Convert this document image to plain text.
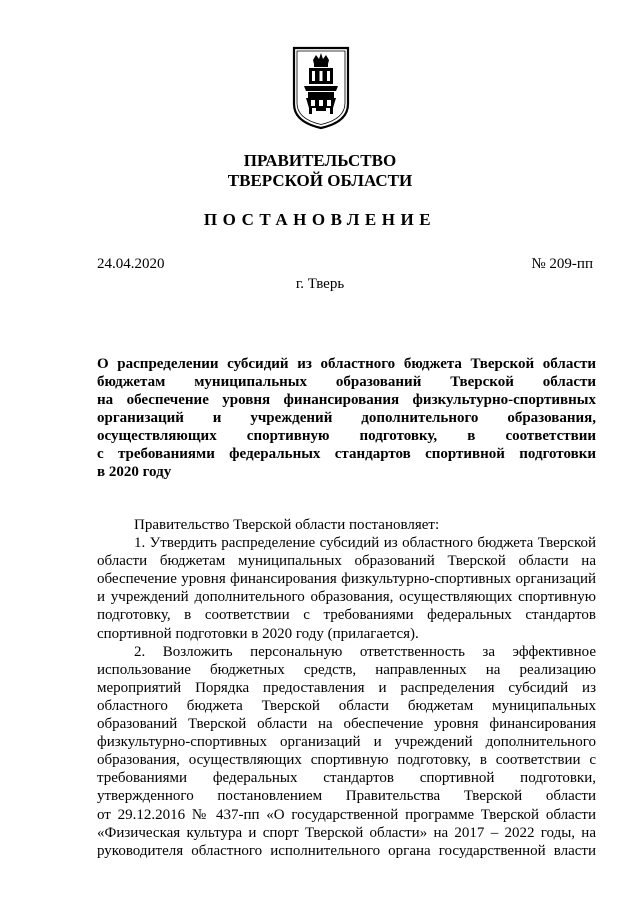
ПРАВИТЕЛЬСТВО
ТВЕРСКОЙ ОБЛАСТИ
ПОСТАНОВЛЕНИЕ
24.04.2020	№ 209-пп
г. Тверь
О распределении субсидий из областного бюджета Тверской области
бюджетам муниципальных образований Тверской области
на обеспечение уровня финансирования физкультурно-спортивных
организаций и учреждений дополнительного образования,
осуществляющих спортивную подготовку, в соответствии
с требованиями федеральных стандартов спортивной подготовки
в 2020 году
Правительство Тверской области постановляет:
1. Утвердить распределение субсидий из областного бюджета Тверской
области бюджетам муниципальных образований Тверской области на
обеспечение уровня финансирования физкультурно-спортивных организаций
и учреждений дополнительного образования, осуществляющих спортивную
подготовку, в соответствии с требованиями федеральных стандартов
спортивной подготовки в 2020 году (прилагается).
2. Возложить персональную ответственность за эффективное
использование бюджетных средств, направленных на реализацию
мероприятий Порядка предоставления и распределения субсидий из
областного бюджета Тверской области бюджетам муниципальных
образований Тверской области на обеспечение уровня финансирования
физкультурно-спортивных организаций и учреждений дополнительного
образования, осуществляющих спортивную подготовку, в соответствии с
требованиями федеральных стандартов спортивной подготовки,
утвержденного постановлением Правительства Тверской области
от 29.12.2016 № 437-пп «О государственной программе Тверской области
«Физическая культура и спорт Тверской области» на 2017 – 2022 годы, на
руководителя областного исполнительного органа государственной власти
